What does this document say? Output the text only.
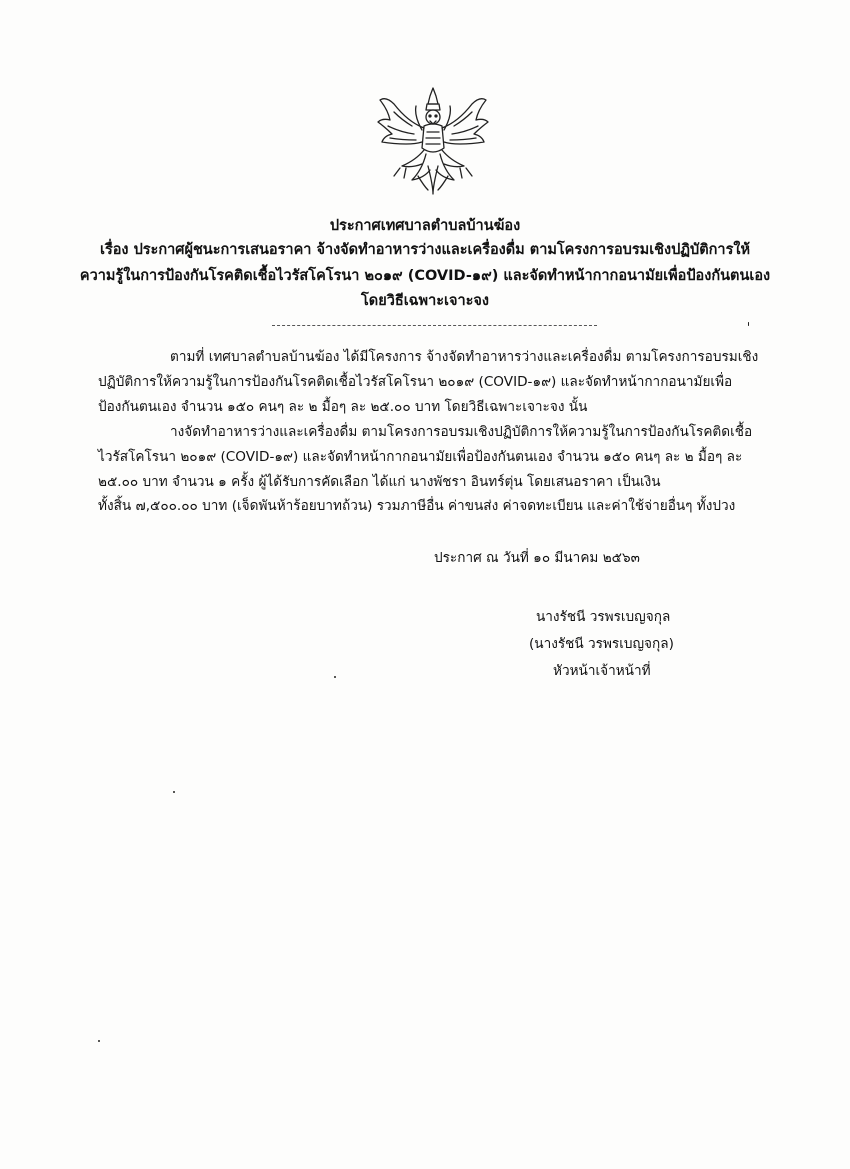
ประกาศเทศบาลตำบลบ้านฆ้อง
เรื่อง ประกาศผู้ชนะการเสนอราคา จ้างจัดทำอาหารว่างและเครื่องดื่ม ตามโครงการอบรมเชิงปฏิบัติการให้
ความรู้ในการป้องกันโรคติดเชื้อไวรัสโคโรนา ๒๐๑๙ (COVID-๑๙) และจัดทำหน้ากากอนามัยเพื่อป้องกันตนเอง
โดยวิธีเฉพาะเจาะจง
ตามที่ เทศบาลตำบลบ้านฆ้อง ได้มีโครงการ จ้างจัดทำอาหารว่างและเครื่องดื่ม ตามโครงการอบรมเชิง
ปฏิบัติการให้ความรู้ในการป้องกันโรคติดเชื้อไวรัสโคโรนา ๒๐๑๙ (COVID-๑๙) และจัดทำหน้ากากอนามัยเพื่อ
ป้องกันตนเอง จำนวน ๑๕๐ คนๆ ละ ๒ มื้อๆ ละ ๒๕.๐๐ บาท โดยวิธีเฉพาะเจาะจง นั้น
างจัดทำอาหารว่างและเครื่องดื่ม ตามโครงการอบรมเชิงปฏิบัติการให้ความรู้ในการป้องกันโรคติดเชื้อ
ไวรัสโคโรนา ๒๐๑๙ (COVID-๑๙) และจัดทำหน้ากากอนามัยเพื่อป้องกันตนเอง จำนวน ๑๕๐ คนๆ ละ ๒ มื้อๆ ละ
๒๕.๐๐ บาท จำนวน ๑ ครั้ง ผู้ได้รับการคัดเลือก ได้แก่ นางพัชรา อินทร์ตุ่น โดยเสนอราคา เป็นเงิน
ทั้งสิ้น ๗,๕๐๐.๐๐ บาท (เจ็ดพันห้าร้อยบาทถ้วน) รวมภาษีอื่น ค่าขนส่ง ค่าจดทะเบียน และค่าใช้จ่ายอื่นๆ ทั้งปวง
ประกาศ ณ วันที่ ๑๐ มีนาคม ๒๕๖๓
นางรัชนี วรพรเบญจกุล
(นางรัชนี วรพรเบญจกุล)
หัวหน้าเจ้าหน้าที่
